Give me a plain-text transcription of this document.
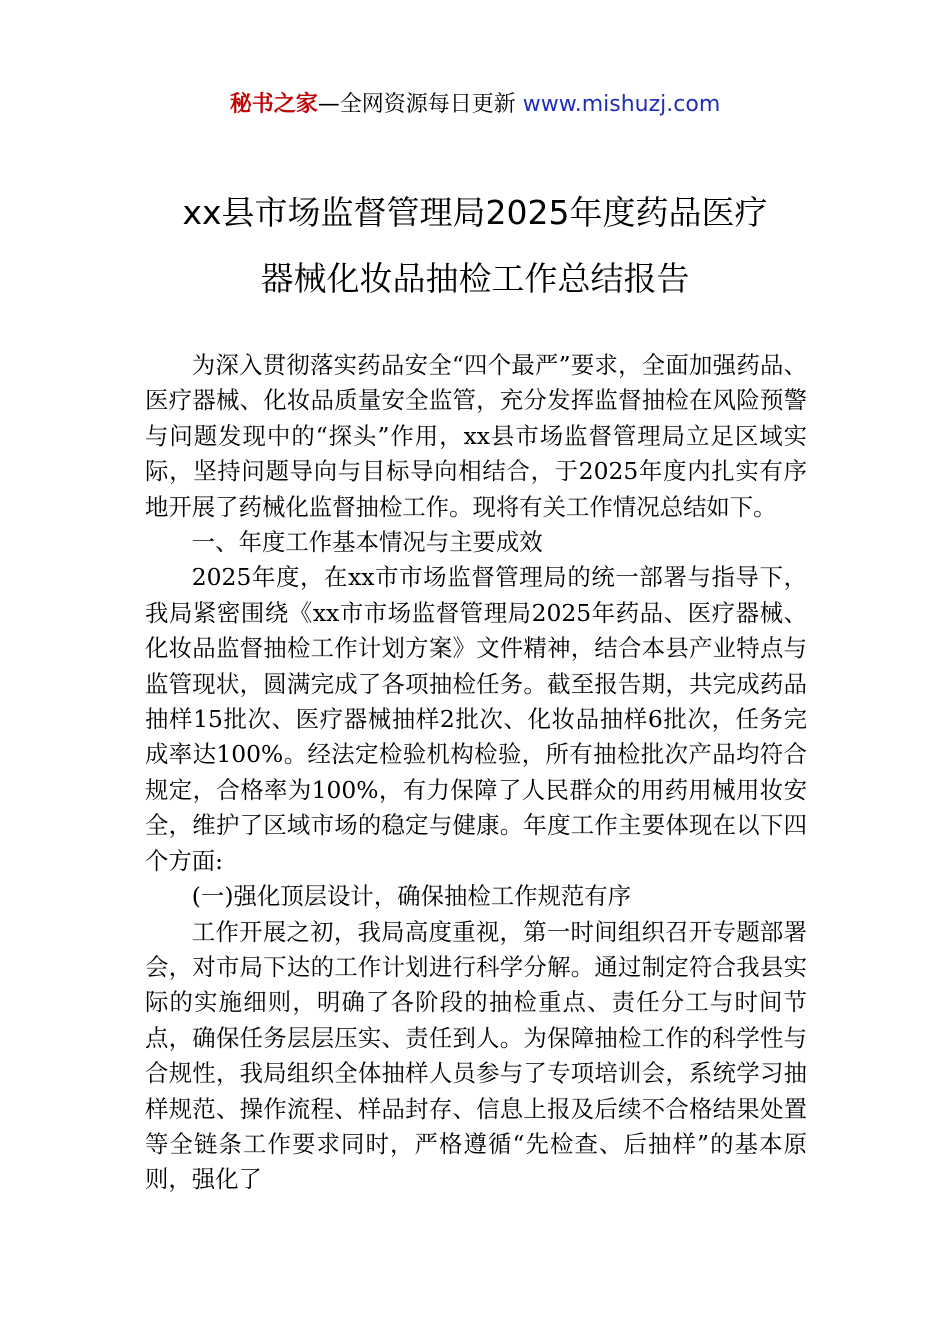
秘书之家—全网资源每日更新 www.mishuzj.com
xx县市场监督管理局2025年度药品医疗
器械化妆品抽检工作总结报告

为深入贯彻落实药品安全“四个最严”要求，全面加强药品、医疗器械、化妆品质量安全监管，充分发挥监督抽检在风险预警与问题发现中的“探头”作用，xx县市场监督管理局立足区域实际，坚持问题导向与目标导向相结合，于2025年度内扎实有序地开展了药械化监督抽检工作。现将有关工作情况总结如下。

一、年度工作基本情况与主要成效

2025年度，在xx市市场监督管理局的统一部署与指导下，我局紧密围绕《xx市市场监督管理局2025年药品、医疗器械、化妆品监督抽检工作计划方案》文件精神，结合本县产业特点与监管现状，圆满完成了各项抽检任务。截至报告期，共完成药品抽样15批次、医疗器械抽样2批次、化妆品抽样6批次，任务完成率达100%。经法定检验机构检验，所有抽检批次产品均符合规定，合格率为100%，有力保障了人民群众的用药用械用妆安全，维护了区域市场的稳定与健康。年度工作主要体现在以下四个方面:

(一)强化顶层设计，确保抽检工作规范有序

工作开展之初，我局高度重视，第一时间组织召开专题部署会，对市局下达的工作计划进行科学分解。通过制定符合我县实际的实施细则，明确了各阶段的抽检重点、责任分工与时间节点，确保任务层层压实、责任到人。为保障抽检工作的科学性与合规性，我局组织全体抽样人员参与了专项培训会，系统学习抽样规范、操作流程、样品封存、信息上报及后续不合格结果处置等全链条工作要求同时，严格遵循“先检查、后抽样”的基本原则，强化了
